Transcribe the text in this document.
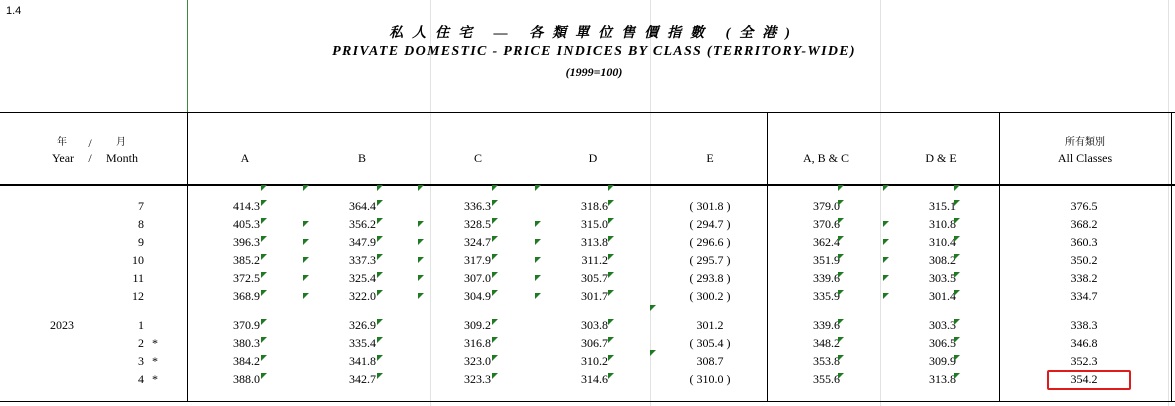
1.4
私人住宅 — 各類單位售價指數 (全港)
PRIVATE DOMESTIC - PRICE INDICES BY CLASS (TERRITORY-WIDE)
(1999=100)
年	/	月
Year	/	Month	A	B	C	D	E	A, B & C	D & E
所有類別
All Classes
7	414.3	364.4	336.3	318.6	( 301.8 )	379.0	315.1	376.5
8	405.3	356.2	328.5	315.0	( 294.7 )	370.6	310.8	368.2
9	396.3	347.9	324.7	313.8	( 296.6 )	362.4	310.4	360.3
10	385.2	337.3	317.9	311.2	( 295.7 )	351.9	308.2	350.2
11	372.5	325.4	307.0	305.7	( 293.8 )	339.6	303.5	338.2
12	368.9	322.0	304.9	301.7	( 300.2 )	335.9	301.4	334.7
2023	1	370.9	326.9	309.2	303.8	301.2	339.6	303.3	338.3
2 *	380.3	335.4	316.8	306.7	( 305.4 )	348.2	306.5	346.8
3 *	384.2	341.8	323.0	310.2	308.7	353.8	309.9	352.3
4 *	388.0	342.7	323.3	314.6	( 310.0 )	355.6	313.8	354.2
